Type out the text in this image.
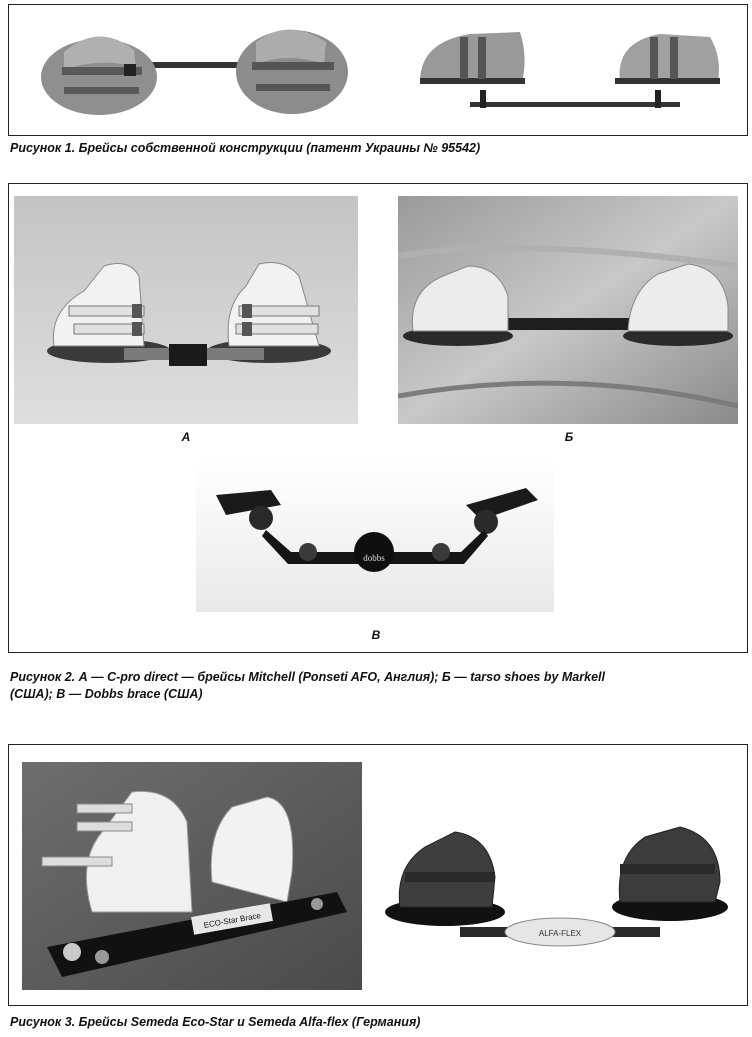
Рисунок 1. Брейсы собственной конструкции (патент Украины № 95542)
А	Б
dobbs
В
Рисунок 2. А — С-pro direct — брейсы Mitchell (Ponseti AFO, Англия); Б — tarso shoes by Markell
(США); В — Dobbs brace (США)
ECO-Star Brace
ALFA-FLEX
Рисунок 3. Брейсы Semeda Eco-Star и Semeda Alfa-flex (Германия)
